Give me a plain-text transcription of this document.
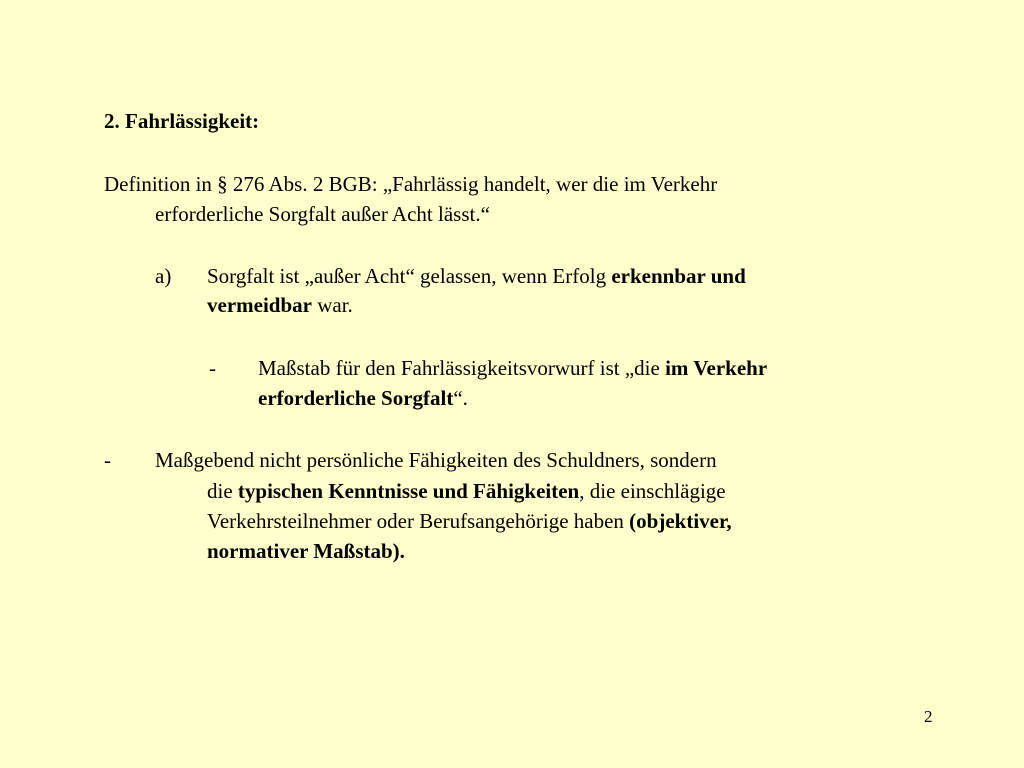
2. Fahrlässigkeit:
Definition in § 276 Abs. 2 BGB: „Fahrlässig handelt, wer die im Verkehr
erforderliche Sorgfalt außer Acht lässt.“
a) Sorgfalt ist „außer Acht“ gelassen, wenn Erfolg erkennbar und
vermeidbar war.
- Maßstab für den Fahrlässigkeitsvorwurf ist „die im Verkehr
erforderliche Sorgfalt“.
- Maßgebend nicht persönliche Fähigkeiten des Schuldners, sondern
die typischen Kenntnisse und Fähigkeiten, die einschlägige
Verkehrsteilnehmer oder Berufsangehörige haben (objektiver,
normativer Maßstab).
2
